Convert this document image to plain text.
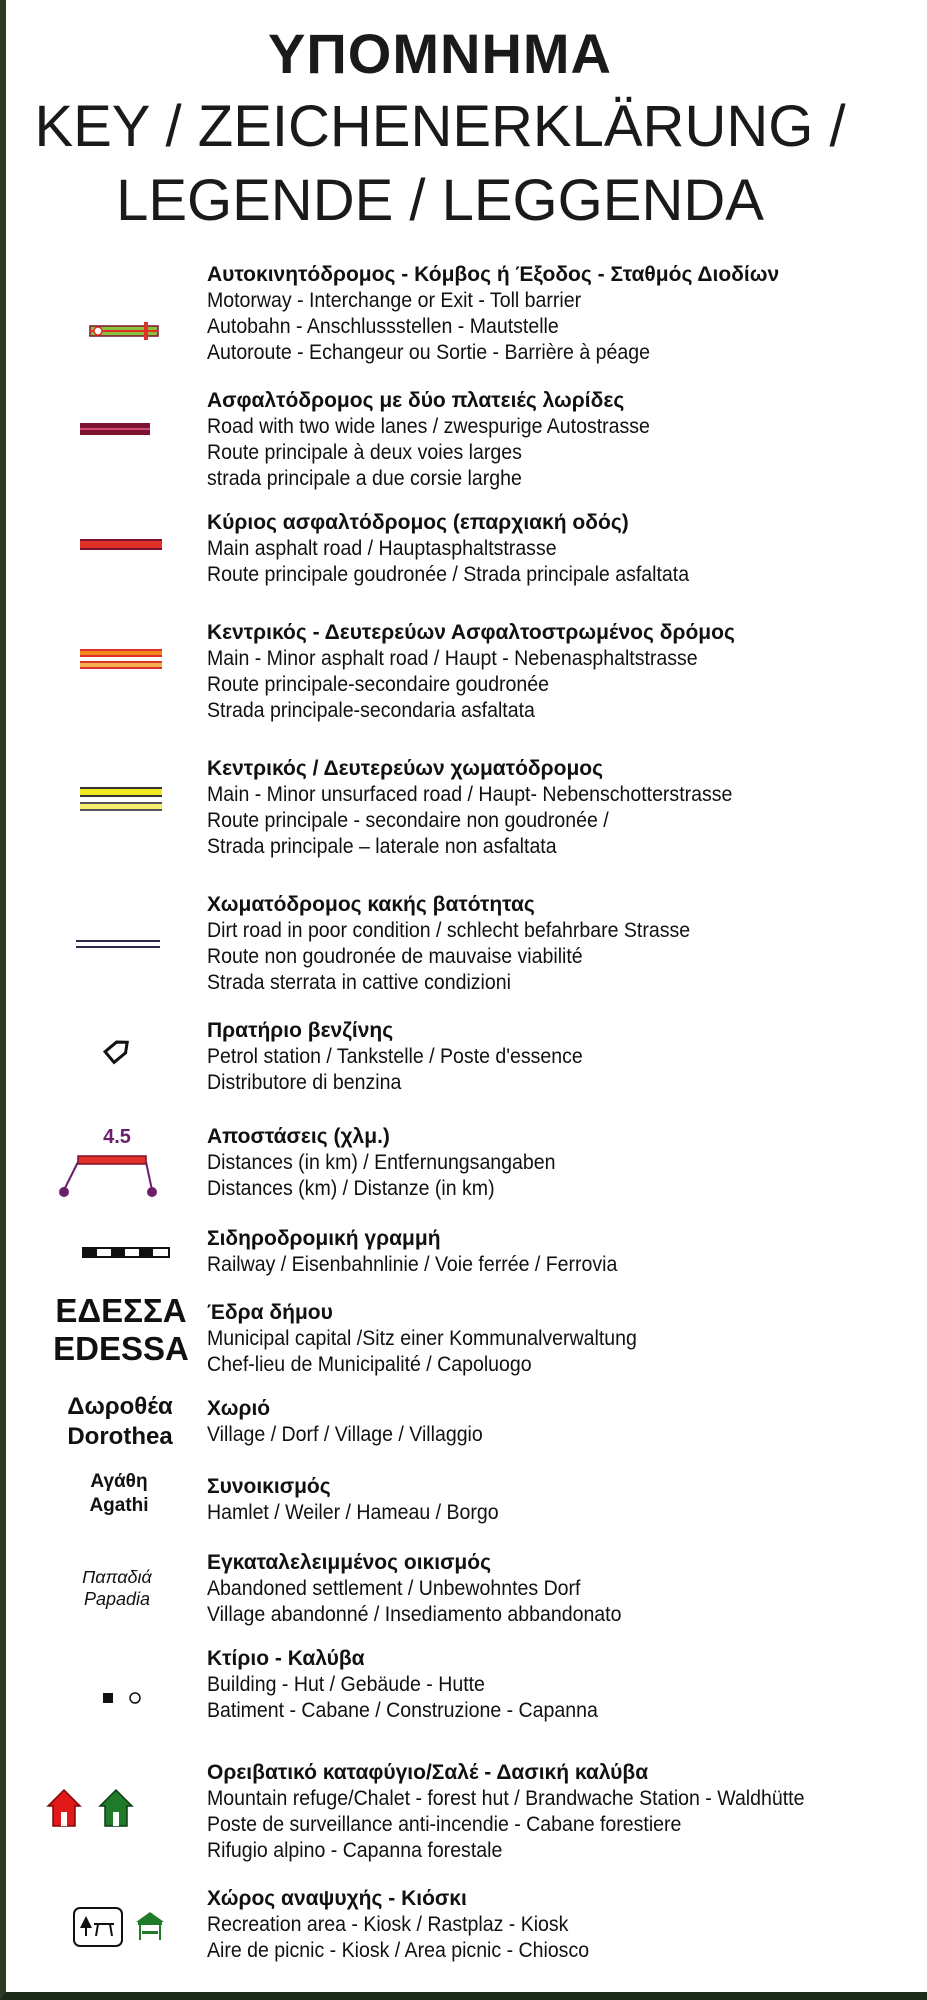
ΥΠΟΜΝΗΜΑ
KEY / ZEICHENERKLÄRUNG /
LEGENDE / LEGGENDA
Αυτοκινητόδρομος - Κόμβος ή Έξοδος - Σταθμός Διοδίων
Motorway - Interchange or Exit - Toll barrier
Autobahn - Anschlussstellen - Mautstelle
Autoroute - Echangeur ou Sortie - Barrière à péage
Ασφαλτόδρομος με δύο πλατειές λωρίδες
Road with two wide lanes / zwespurige Autostrasse
Route principale à deux voies larges
strada principale a due corsie larghe
Κύριος ασφαλτόδρομος (επαρχιακή οδός)
Main asphalt road / Hauptasphaltstrasse
Route principale goudronée / Strada principale asfaltata
Κεντρικός - Δευτερεύων Ασφαλτοστρωμένος δρόμος
Main - Minor asphalt road / Haupt - Nebenasphaltstrasse
Route principale-secondaire goudronée
Strada principale-secondaria asfaltata
Κεντρικός / Δευτερεύων χωματόδρομος
Main - Minor unsurfaced road / Haupt- Nebenschotterstrasse
Route principale - secondaire non goudronée /
Strada principale – laterale non asfaltata
Χωματόδρομος κακής βατότητας
Dirt road in poor condition / schlecht befahrbare Strasse
Route non goudronée de mauvaise viabilité
Strada sterrata in cattive condizioni
Πρατήριο βενζίνης
Petrol station / Tankstelle / Poste d'essence
Distributore di benzina
Αποστάσεις (χλμ.)
Distances (in km) / Entfernungsangaben
Distances (km) / Distanze (in km)
Σιδηροδρομική γραμμή
Railway / Eisenbahnlinie / Voie ferrée / Ferrovia
Έδρα δήμου
Municipal capital /Sitz einer Kommunalverwaltung
Chef-lieu de Municipalité / Capoluogo
Χωριό
Village / Dorf / Village / Villaggio
Συνοικισμός
Hamlet / Weiler / Hameau / Borgo
Εγκαταλελειμμένος οικισμός
Abandoned settlement / Unbewohntes Dorf
Village abandonné / Insediamento abbandonato
Κτίριο - Καλύβα
Building - Hut / Gebäude - Hutte
Batiment - Cabane / Construzione - Capanna
Ορειβατικό καταφύγιο/Σαλέ - Δασική καλύβα
Mountain refuge/Chalet - forest hut / Brandwache Station - Waldhütte
Poste de surveillance anti-incendie - Cabane forestiere
Rifugio alpino - Capanna forestale
Χώρος αναψυχής - Κιόσκι
Recreation area - Kiosk / Rastplaz - Kiosk
Aire de picnic - Kiosk / Area picnic - Chiosco
4.5
ΕΔΕΣΣΑ
EDESSA
Δωροθέα
Dorothea
Αγάθη
Agathi
Παπαδιά
Papadia
